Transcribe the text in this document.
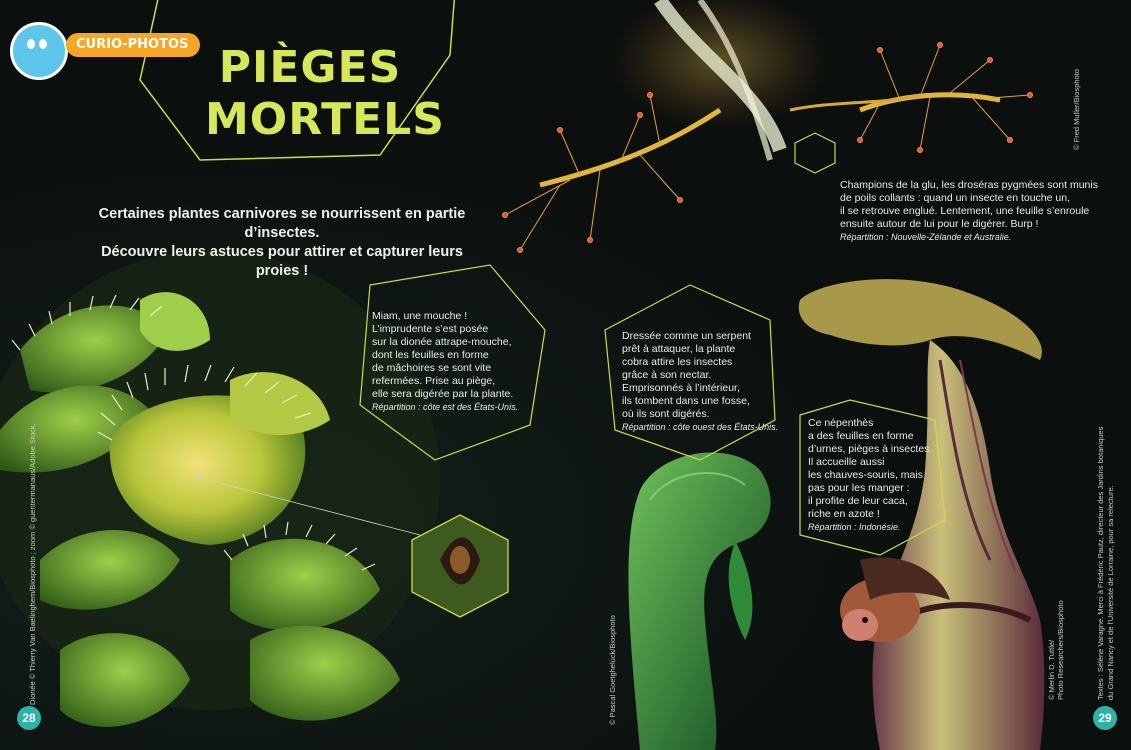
CURIO-PHOTOS PIÈGES
MORTELS
Certaines plantes carnivores se nourrissent en partie d’insectes.
Découvre leurs astuces pour attirer et capturer leurs proies !
Champions de la glu, les droséras pygmées sont munis
de poils collants : quand un insecte en touche un,
il se retrouve englué. Lentement, une feuille s’enroule
ensuite autour de lui pour le digérer. Burp !
Répartition : Nouvelle-Zélande et Australie.
Miam, une mouche !
L’imprudente s’est posée
sur la dionée attrape-mouche,
dont les feuilles en forme
de mâchoires se sont vite
refermées. Prise au piège,
elle sera digérée par la plante.
Répartition : côte est des États-Unis.
Dressée comme un serpent
prêt à attaquer, la plante
cobra attire les insectes
grâce à son nectar.
Emprisonnés à l’intérieur,
ils tombent dans une fosse,
où ils sont digérés.
Répartition : côte ouest des États-Unis.	Ce népenthès
a des feuilles en forme
d’urnes, pièges à insectes.
Il accueille aussi
les chauves-souris, mais
pas pour les manger :
il profite de leur caca,
riche en azote !
Répartition : Indonésie.
© Fred Muller/Biosphoto
Dionée © Thierry Van Baelinghem/Biosphoto ; zoom © guentermanaus/Adobe Stock.	© Pascal Goetgheluck/Biosphoto	© Merlin D. Tuttle/ Photo Researchers/Biosphoto	Textes : Sélène Varagne. Merci à Frédéric Pautz, directeur des Jardins botaniques du Grand Nancy et de l’Université de Lorraine, pour sa relecture.
28	29
